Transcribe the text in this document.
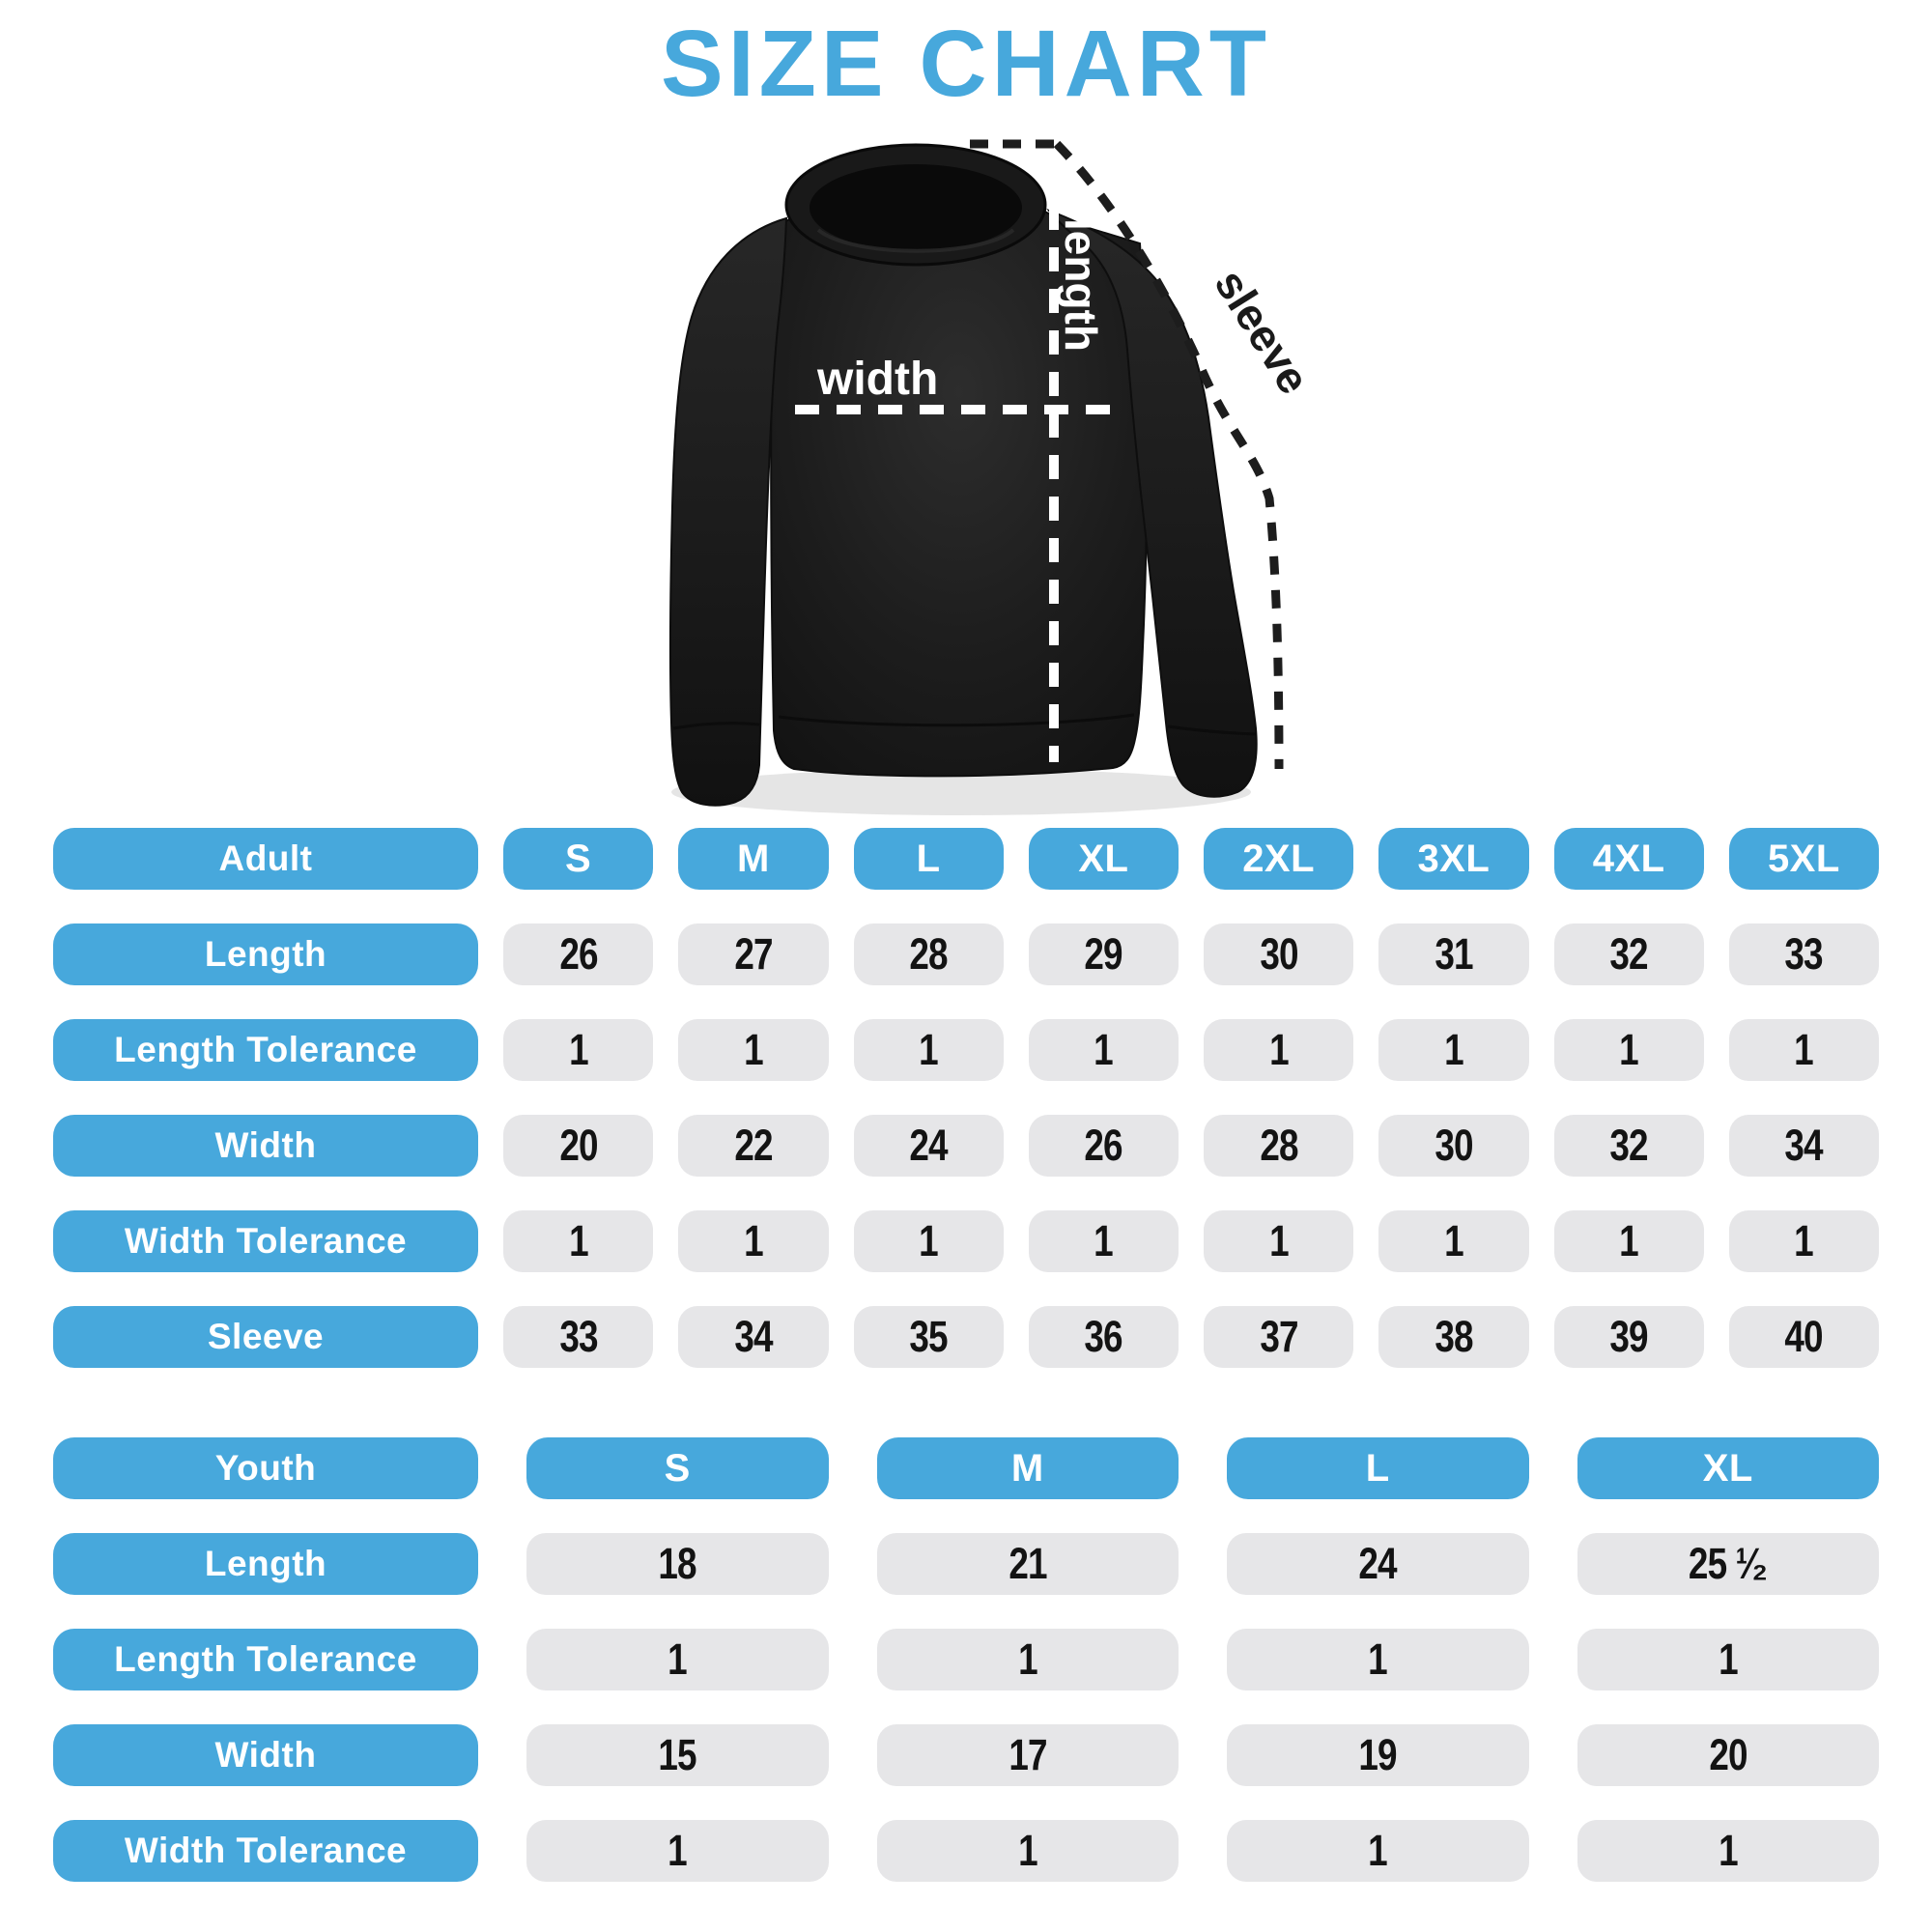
SIZE CHART
width
length sleeve
Adult	S	M	L	XL	2XL	3XL	4XL	5XL
Length	26	27	28	29	30	31	32	33
Length Tolerance	1	1	1	1	1	1	1	1
Width	20	22	24	26	28	30	32	34
Width Tolerance	1	1	1	1	1	1	1	1
Sleeve	33	34	35	36	37	38	39	40
Youth	S	M	L	XL
Length	18	21	24	25 ¹⁄₂
Length Tolerance	1	1	1	1
Width	15	17	19	20
Width Tolerance	1	1	1	1
